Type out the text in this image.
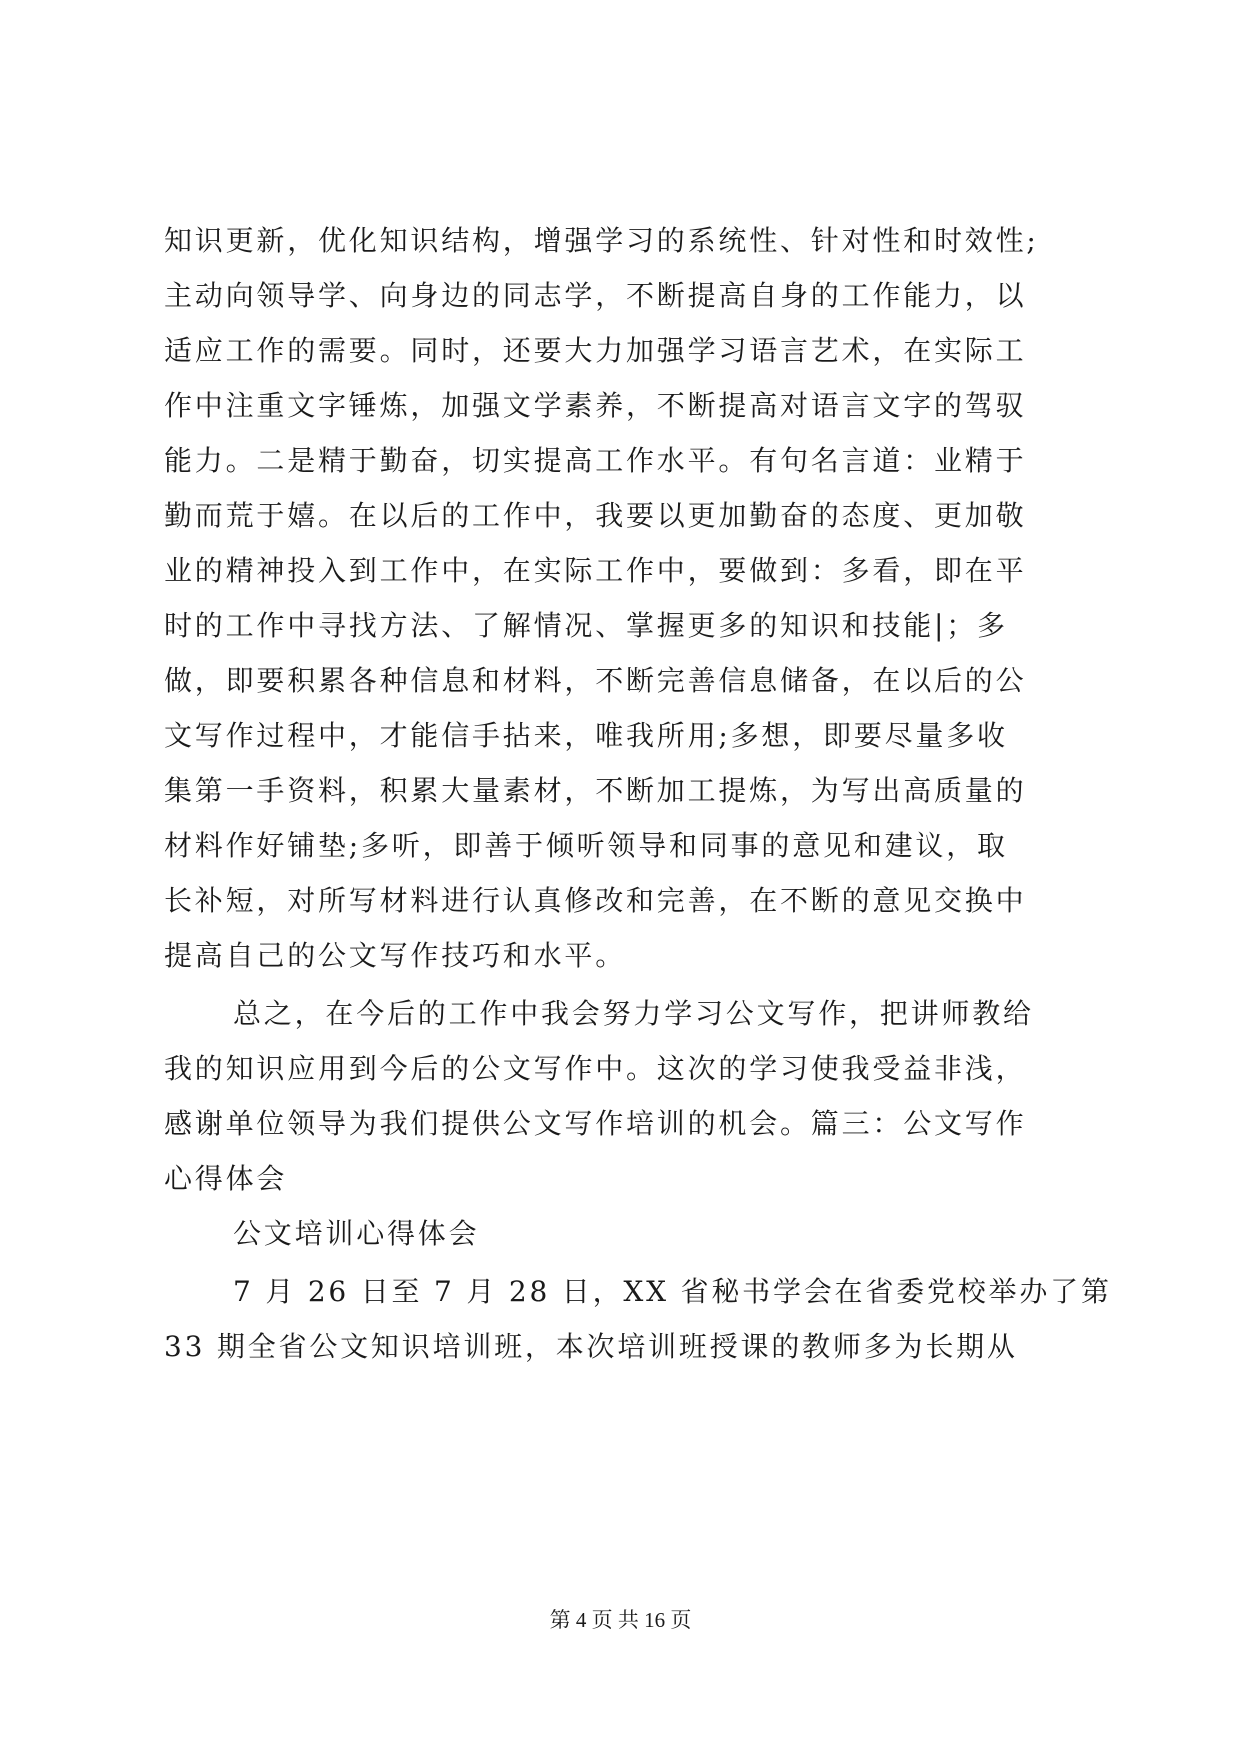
知识更新，优化知识结构，增强学习的系统性、针对性和时效性;
主动向领导学、向身边的同志学，不断提高自身的工作能力，以
适应工作的需要。同时，还要大力加强学习语言艺术，在实际工
作中注重文字锤炼，加强文学素养，不断提高对语言文字的驾驭
能力。二是精于勤奋，切实提高工作水平。有句名言道：业精于
勤而荒于嬉。在以后的工作中，我要以更加勤奋的态度、更加敬
业的精神投入到工作中，在实际工作中，要做到：多看，即在平
时的工作中寻找方法、了解情况、掌握更多的知识和技能|；多
做，即要积累各种信息和材料，不断完善信息储备，在以后的公
文写作过程中，才能信手拈来，唯我所用;多想，即要尽量多收
集第一手资料，积累大量素材，不断加工提炼，为写出高质量的
材料作好铺垫;多听，即善于倾听领导和同事的意见和建议，取
长补短，对所写材料进行认真修改和完善，在不断的意见交换中
提高自己的公文写作技巧和水平。
总之，在今后的工作中我会努力学习公文写作，把讲师教给
我的知识应用到今后的公文写作中。这次的学习使我受益非浅，
感谢单位领导为我们提供公文写作培训的机会。篇三：公文写作
心得体会
公文培训心得体会
7 月 26 日至 7 月 28 日，XX 省秘书学会在省委党校举办了第
33 期全省公文知识培训班，本次培训班授课的教师多为长期从
第 4 页 共 16 页
